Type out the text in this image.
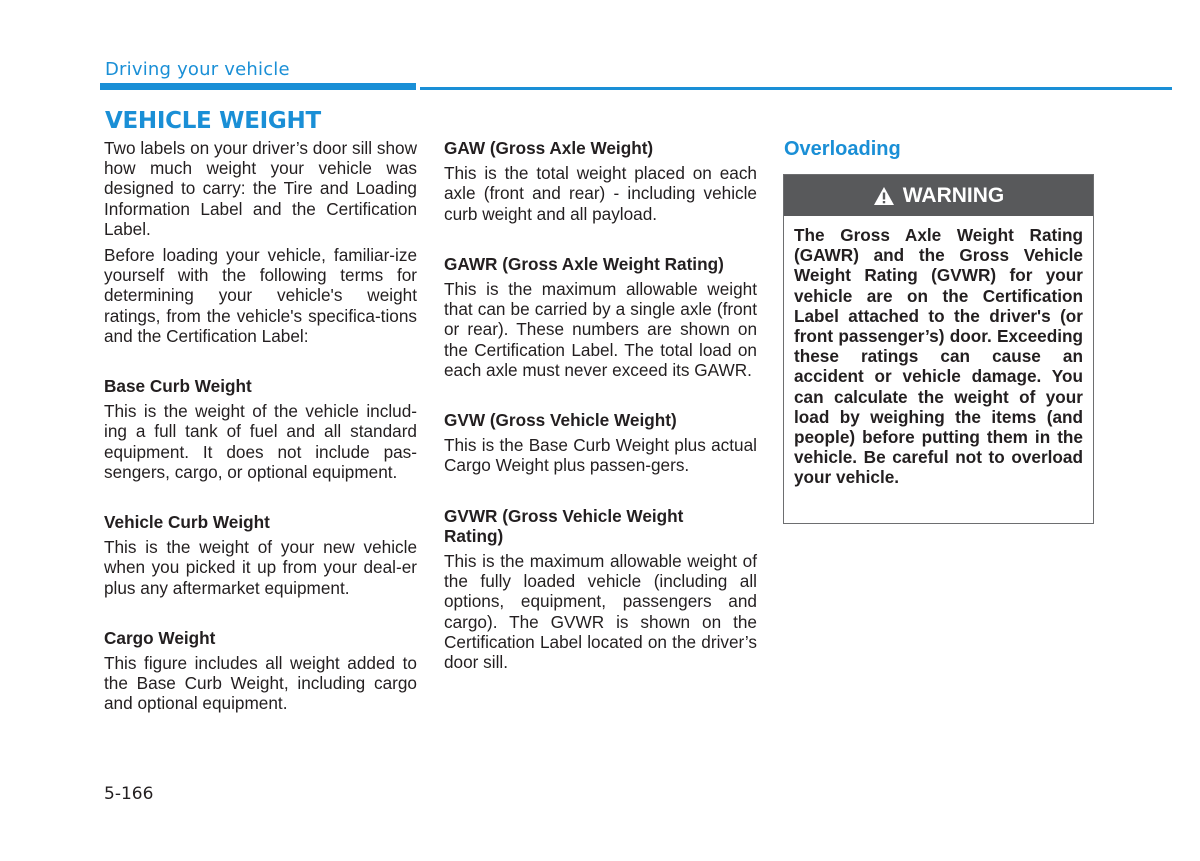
Driving your vehicle
VEHICLE WEIGHT

Two labels on your driver’s door sill show how much weight your vehicle was designed to carry: the Tire and Loading Information Label and the Certification Label.

Before loading your vehicle, familiar-ize yourself with the following terms for determining your vehicle's weight ratings, from the vehicle's specifica-tions and the Certification Label:

Base Curb Weight

This is the weight of the vehicle includ-ing a full tank of fuel and all standard equipment. It does not include pas-sengers, cargo, or optional equipment.

Vehicle Curb Weight

This is the weight of your new vehicle when you picked it up from your deal-er plus any aftermarket equipment.

Cargo Weight

This figure includes all weight added to the Base Curb Weight, including cargo and optional equipment.

GAW (Gross Axle Weight)

This is the total weight placed on each axle (front and rear) - including vehicle curb weight and all payload.

GAWR (Gross Axle Weight Rating)

This is the maximum allowable weight that can be carried by a single axle (front or rear). These numbers are shown on the Certification Label. The total load on each axle must never exceed its GAWR.

GVW (Gross Vehicle Weight)

This is the Base Curb Weight plus actual Cargo Weight plus passen-gers.

GVWR (Gross Vehicle Weight Rating)

This is the maximum allowable weight of the fully loaded vehicle (including all options, equipment, passengers and cargo). The GVWR is shown on the Certification Label located on the driver’s door sill.

Overloading
WARNING
The Gross Axle Weight Rating (GAWR) and the Gross Vehicle Weight Rating (GVWR) for your vehicle are on the Certification Label attached to the driver's (or front passenger’s) door. Exceeding these ratings can cause an accident or vehicle damage. You can calculate the weight of your load by weighing the items (and people) before putting them in the vehicle. Be careful not to overload your vehicle.
5-166
